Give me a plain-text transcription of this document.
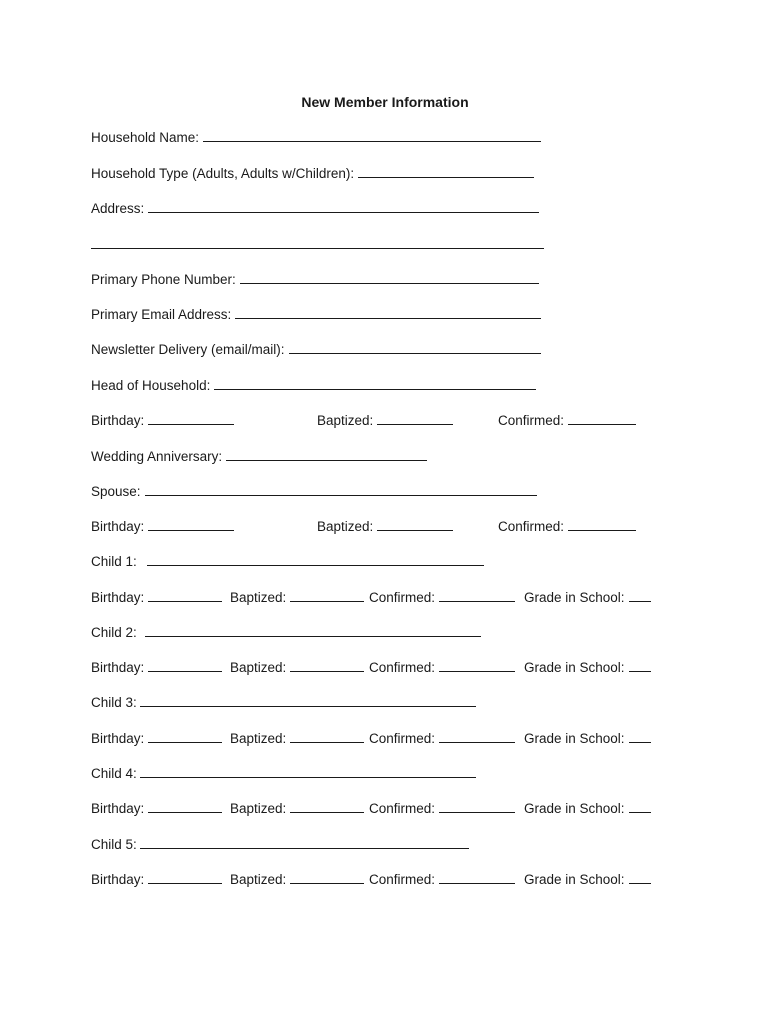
New Member Information
Household Name:
Household Type (Adults, Adults w/Children):
Address:
Primary Phone Number:
Primary Email Address:
Newsletter Delivery (email/mail):
Head of Household:
Birthday:	Baptized:	Confirmed:
Wedding Anniversary:
Spouse:
Birthday:	Baptized:	Confirmed:
Child 1:
Birthday:	Baptized:	Confirmed:	Grade in School:
Child 2:
Birthday:	Baptized:	Confirmed:	Grade in School:
Child 3:
Birthday:	Baptized:	Confirmed:	Grade in School:
Child 4:
Birthday:	Baptized:	Confirmed:	Grade in School:
Child 5:
Birthday:	Baptized:	Confirmed:	Grade in School:
